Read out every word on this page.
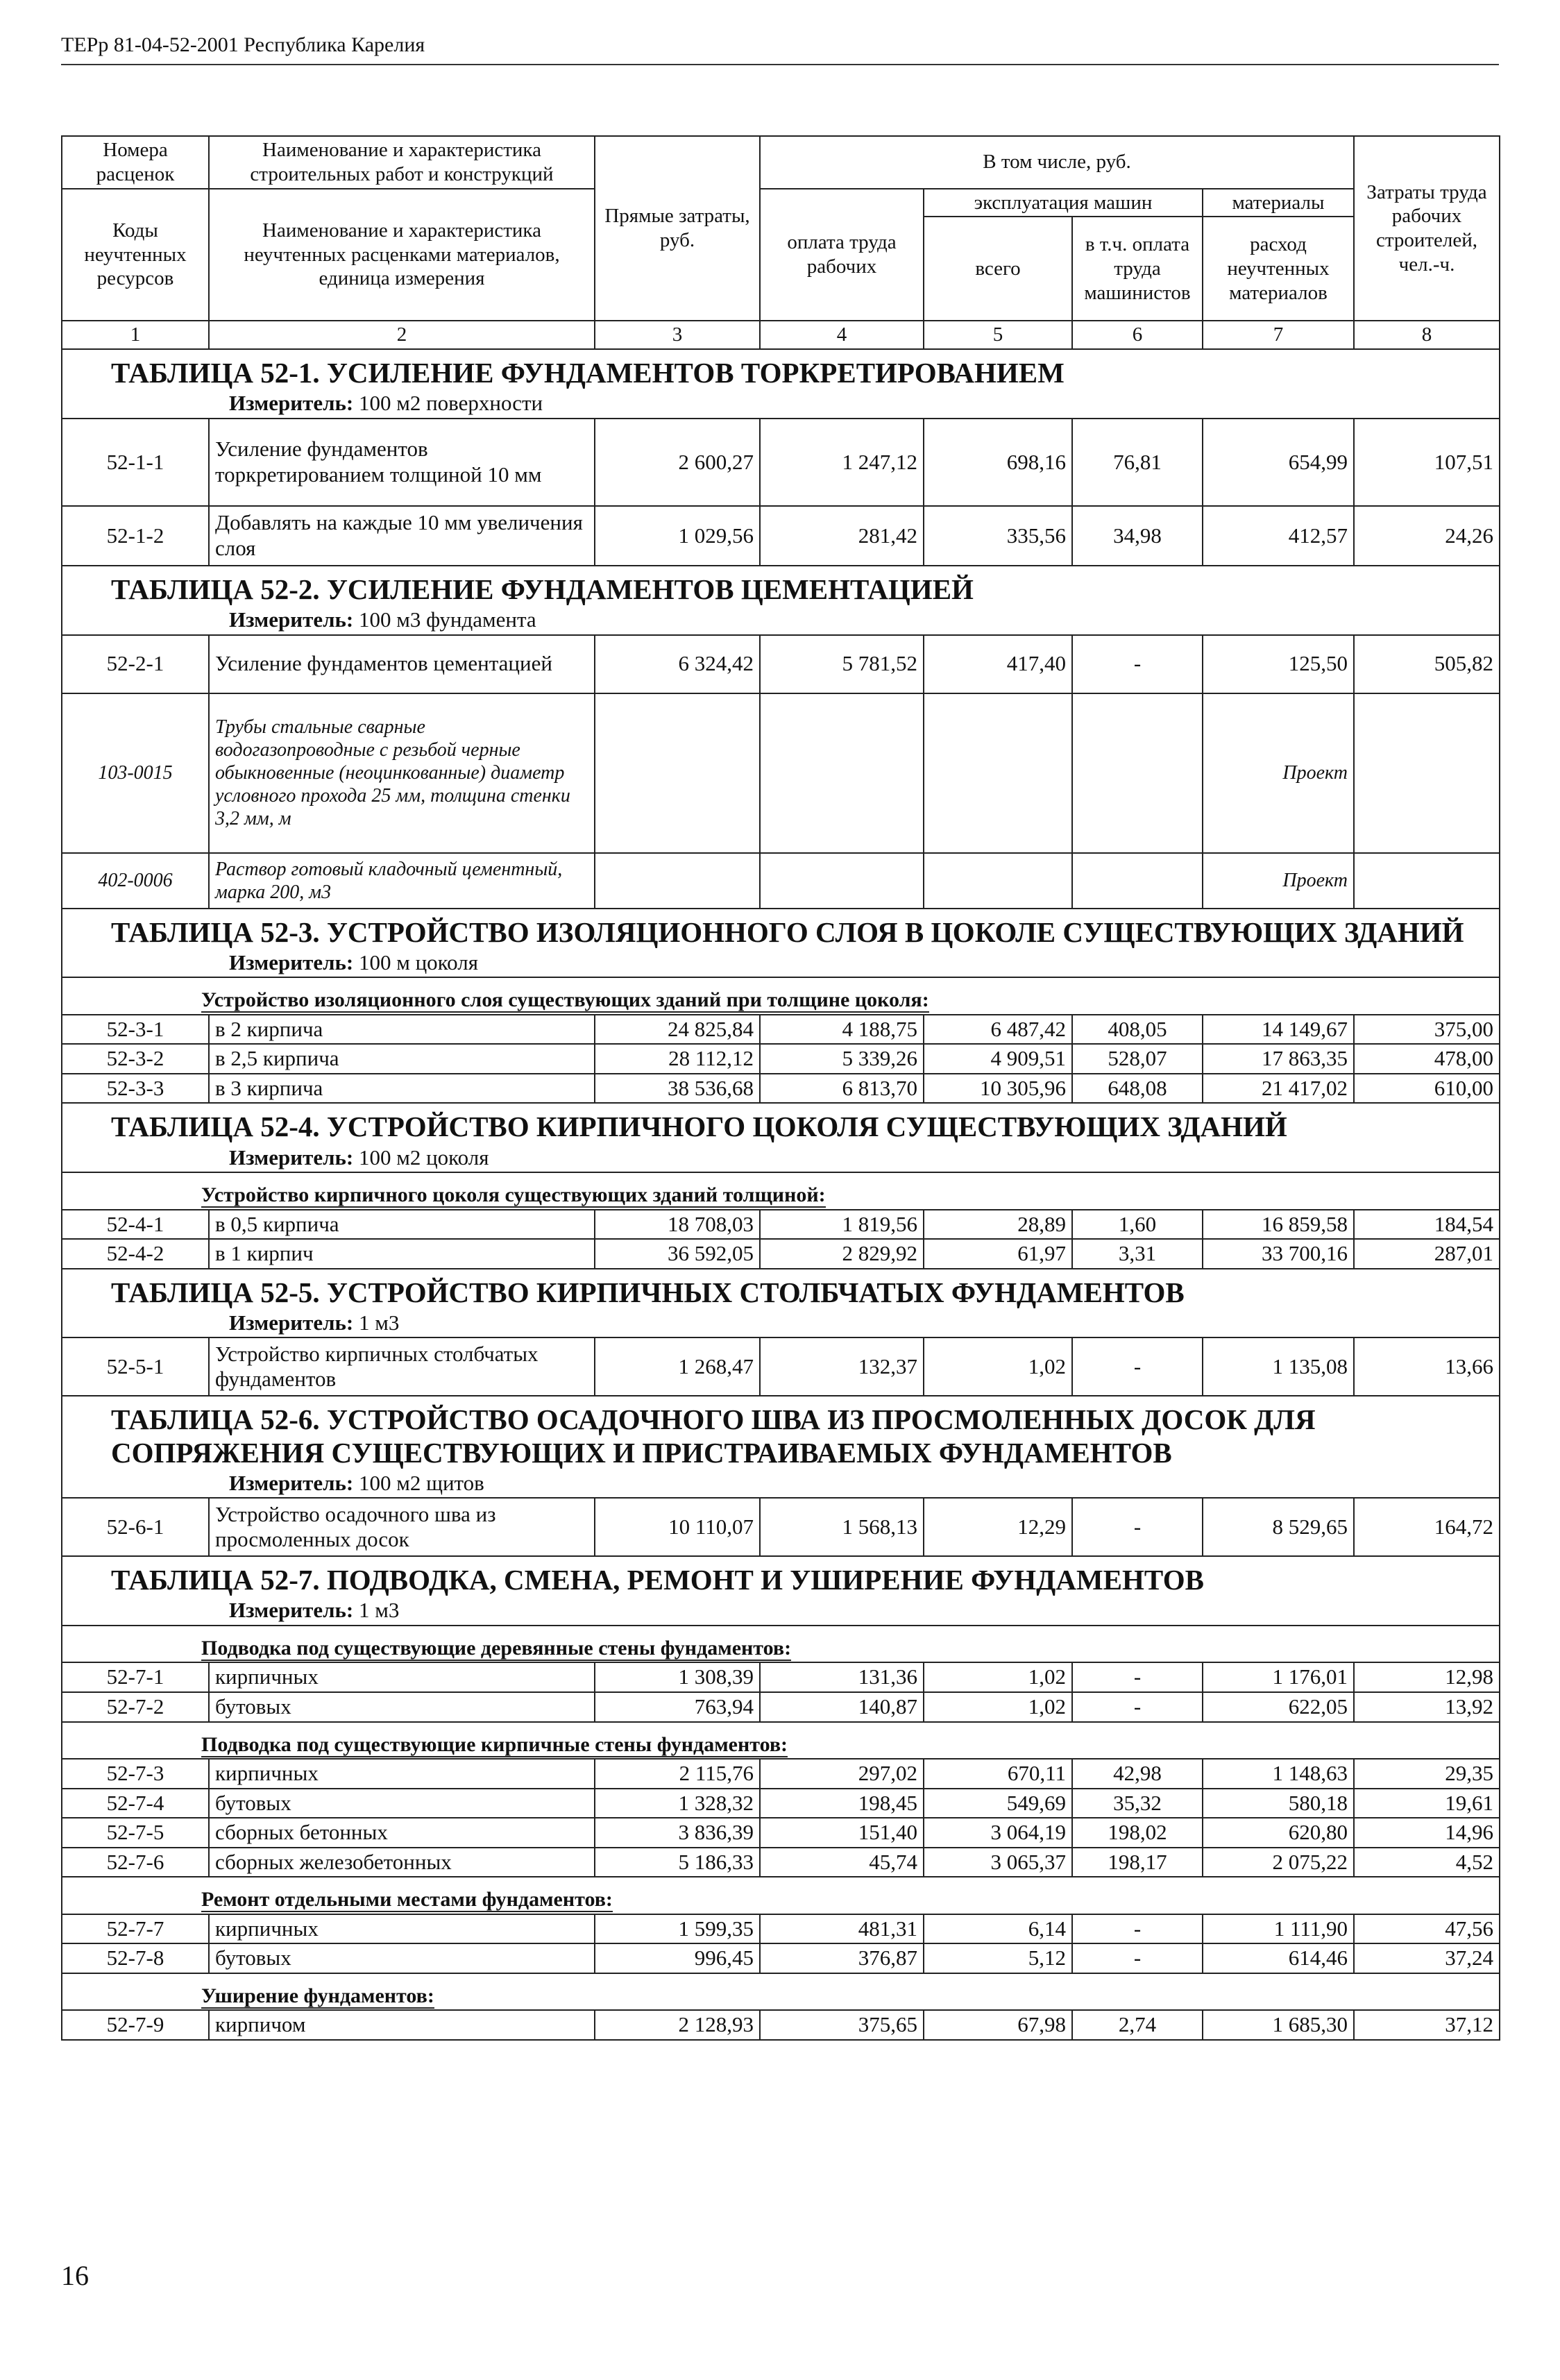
ТЕРр 81-04-52-2001 Республика Карелия
Номера расценок	Наименование и характеристика строительных работ и конструкций	Прямые затраты, руб.	В том числе, руб.				Затраты труда рабочих строителей, чел.-ч.
Коды неучтенных ресурсов	Наименование и характеристика неучтенных расценками материалов, единица измерения		оплата труда рабочих	эксплуатация машин		материалы	
				всего	в т.ч. оплата труда машинистов	расход неучтенных материалов	
1	2	3	4	5	6	7	8
ТАБЛИЦА 52-1. УСИЛЕНИЕ ФУНДАМЕНТОВ ТОРКРЕТИРОВАНИЕМ							
Измеритель: 100 м2 поверхности							
52-1-1	Усиление фундаментов торкретированием толщиной 10 мм	2 600,27	1 247,12	698,16	76,81	654,99	107,51
52-1-2	Добавлять на каждые 10 мм увеличения слоя	1 029,56	281,42	335,56	34,98	412,57	24,26
ТАБЛИЦА 52-2. УСИЛЕНИЕ ФУНДАМЕНТОВ ЦЕМЕНТАЦИЕЙ							
Измеритель: 100 м3 фундамента							
52-2-1	Усиление фундаментов цементацией	6 324,42	5 781,52	417,40	-	125,50	505,82
103-0015	Трубы стальные сварные водогазопроводные с резьбой черные обыкновенные (неоцинкованные) диаметр условного прохода 25 мм, толщина стенки 3,2 мм, м					Проект	
402-0006	Раствор готовый кладочный цементный, марка 200, м3					Проект	
ТАБЛИЦА 52-3. УСТРОЙСТВО ИЗОЛЯЦИОННОГО СЛОЯ В ЦОКОЛЕ СУЩЕСТВУЮЩИХ ЗДАНИЙ							
Измеритель: 100 м цоколя							
Устройство изоляционного слоя существующих зданий при толщине цоколя:							
52-3-1	в 2 кирпича	24 825,84	4 188,75	6 487,42	408,05	14 149,67	375,00
52-3-2	в 2,5 кирпича	28 112,12	5 339,26	4 909,51	528,07	17 863,35	478,00
52-3-3	в 3 кирпича	38 536,68	6 813,70	10 305,96	648,08	21 417,02	610,00
ТАБЛИЦА 52-4. УСТРОЙСТВО КИРПИЧНОГО ЦОКОЛЯ СУЩЕСТВУЮЩИХ ЗДАНИЙ							
Измеритель: 100 м2 цоколя							
Устройство кирпичного цоколя существующих зданий толщиной:							
52-4-1	в 0,5 кирпича	18 708,03	1 819,56	28,89	1,60	16 859,58	184,54
52-4-2	в 1 кирпич	36 592,05	2 829,92	61,97	3,31	33 700,16	287,01
ТАБЛИЦА 52-5. УСТРОЙСТВО КИРПИЧНЫХ СТОЛБЧАТЫХ ФУНДАМЕНТОВ							
Измеритель: 1 м3							
52-5-1	Устройство кирпичных столбчатых фундаментов	1 268,47	132,37	1,02	-	1 135,08	13,66
ТАБЛИЦА 52-6. УСТРОЙСТВО ОСАДОЧНОГО ШВА ИЗ ПРОСМОЛЕННЫХ ДОСОК ДЛЯ СОПРЯЖЕНИЯ СУЩЕСТВУЮЩИХ И ПРИСТРАИВАЕМЫХ ФУНДАМЕНТОВ							
Измеритель: 100 м2 щитов							
52-6-1	Устройство осадочного шва из просмоленных досок	10 110,07	1 568,13	12,29	-	8 529,65	164,72
ТАБЛИЦА 52-7. ПОДВОДКА, СМЕНА, РЕМОНТ И УШИРЕНИЕ ФУНДАМЕНТОВ							
Измеритель: 1 м3							
Подводка под существующие деревянные стены фундаментов:							
52-7-1	кирпичных	1 308,39	131,36	1,02	-	1 176,01	12,98
52-7-2	бутовых	763,94	140,87	1,02	-	622,05	13,92
Подводка под существующие кирпичные стены фундаментов:							
52-7-3	кирпичных	2 115,76	297,02	670,11	42,98	1 148,63	29,35
52-7-4	бутовых	1 328,32	198,45	549,69	35,32	580,18	19,61
52-7-5	сборных бетонных	3 836,39	151,40	3 064,19	198,02	620,80	14,96
52-7-6	сборных железобетонных	5 186,33	45,74	3 065,37	198,17	2 075,22	4,52
Ремонт отдельными местами фундаментов:							
52-7-7	кирпичных	1 599,35	481,31	6,14	-	1 111,90	47,56
52-7-8	бутовых	996,45	376,87	5,12	-	614,46	37,24
Уширение фундаментов:							
52-7-9	кирпичом	2 128,93	375,65	67,98	2,74	1 685,30	37,12
16
